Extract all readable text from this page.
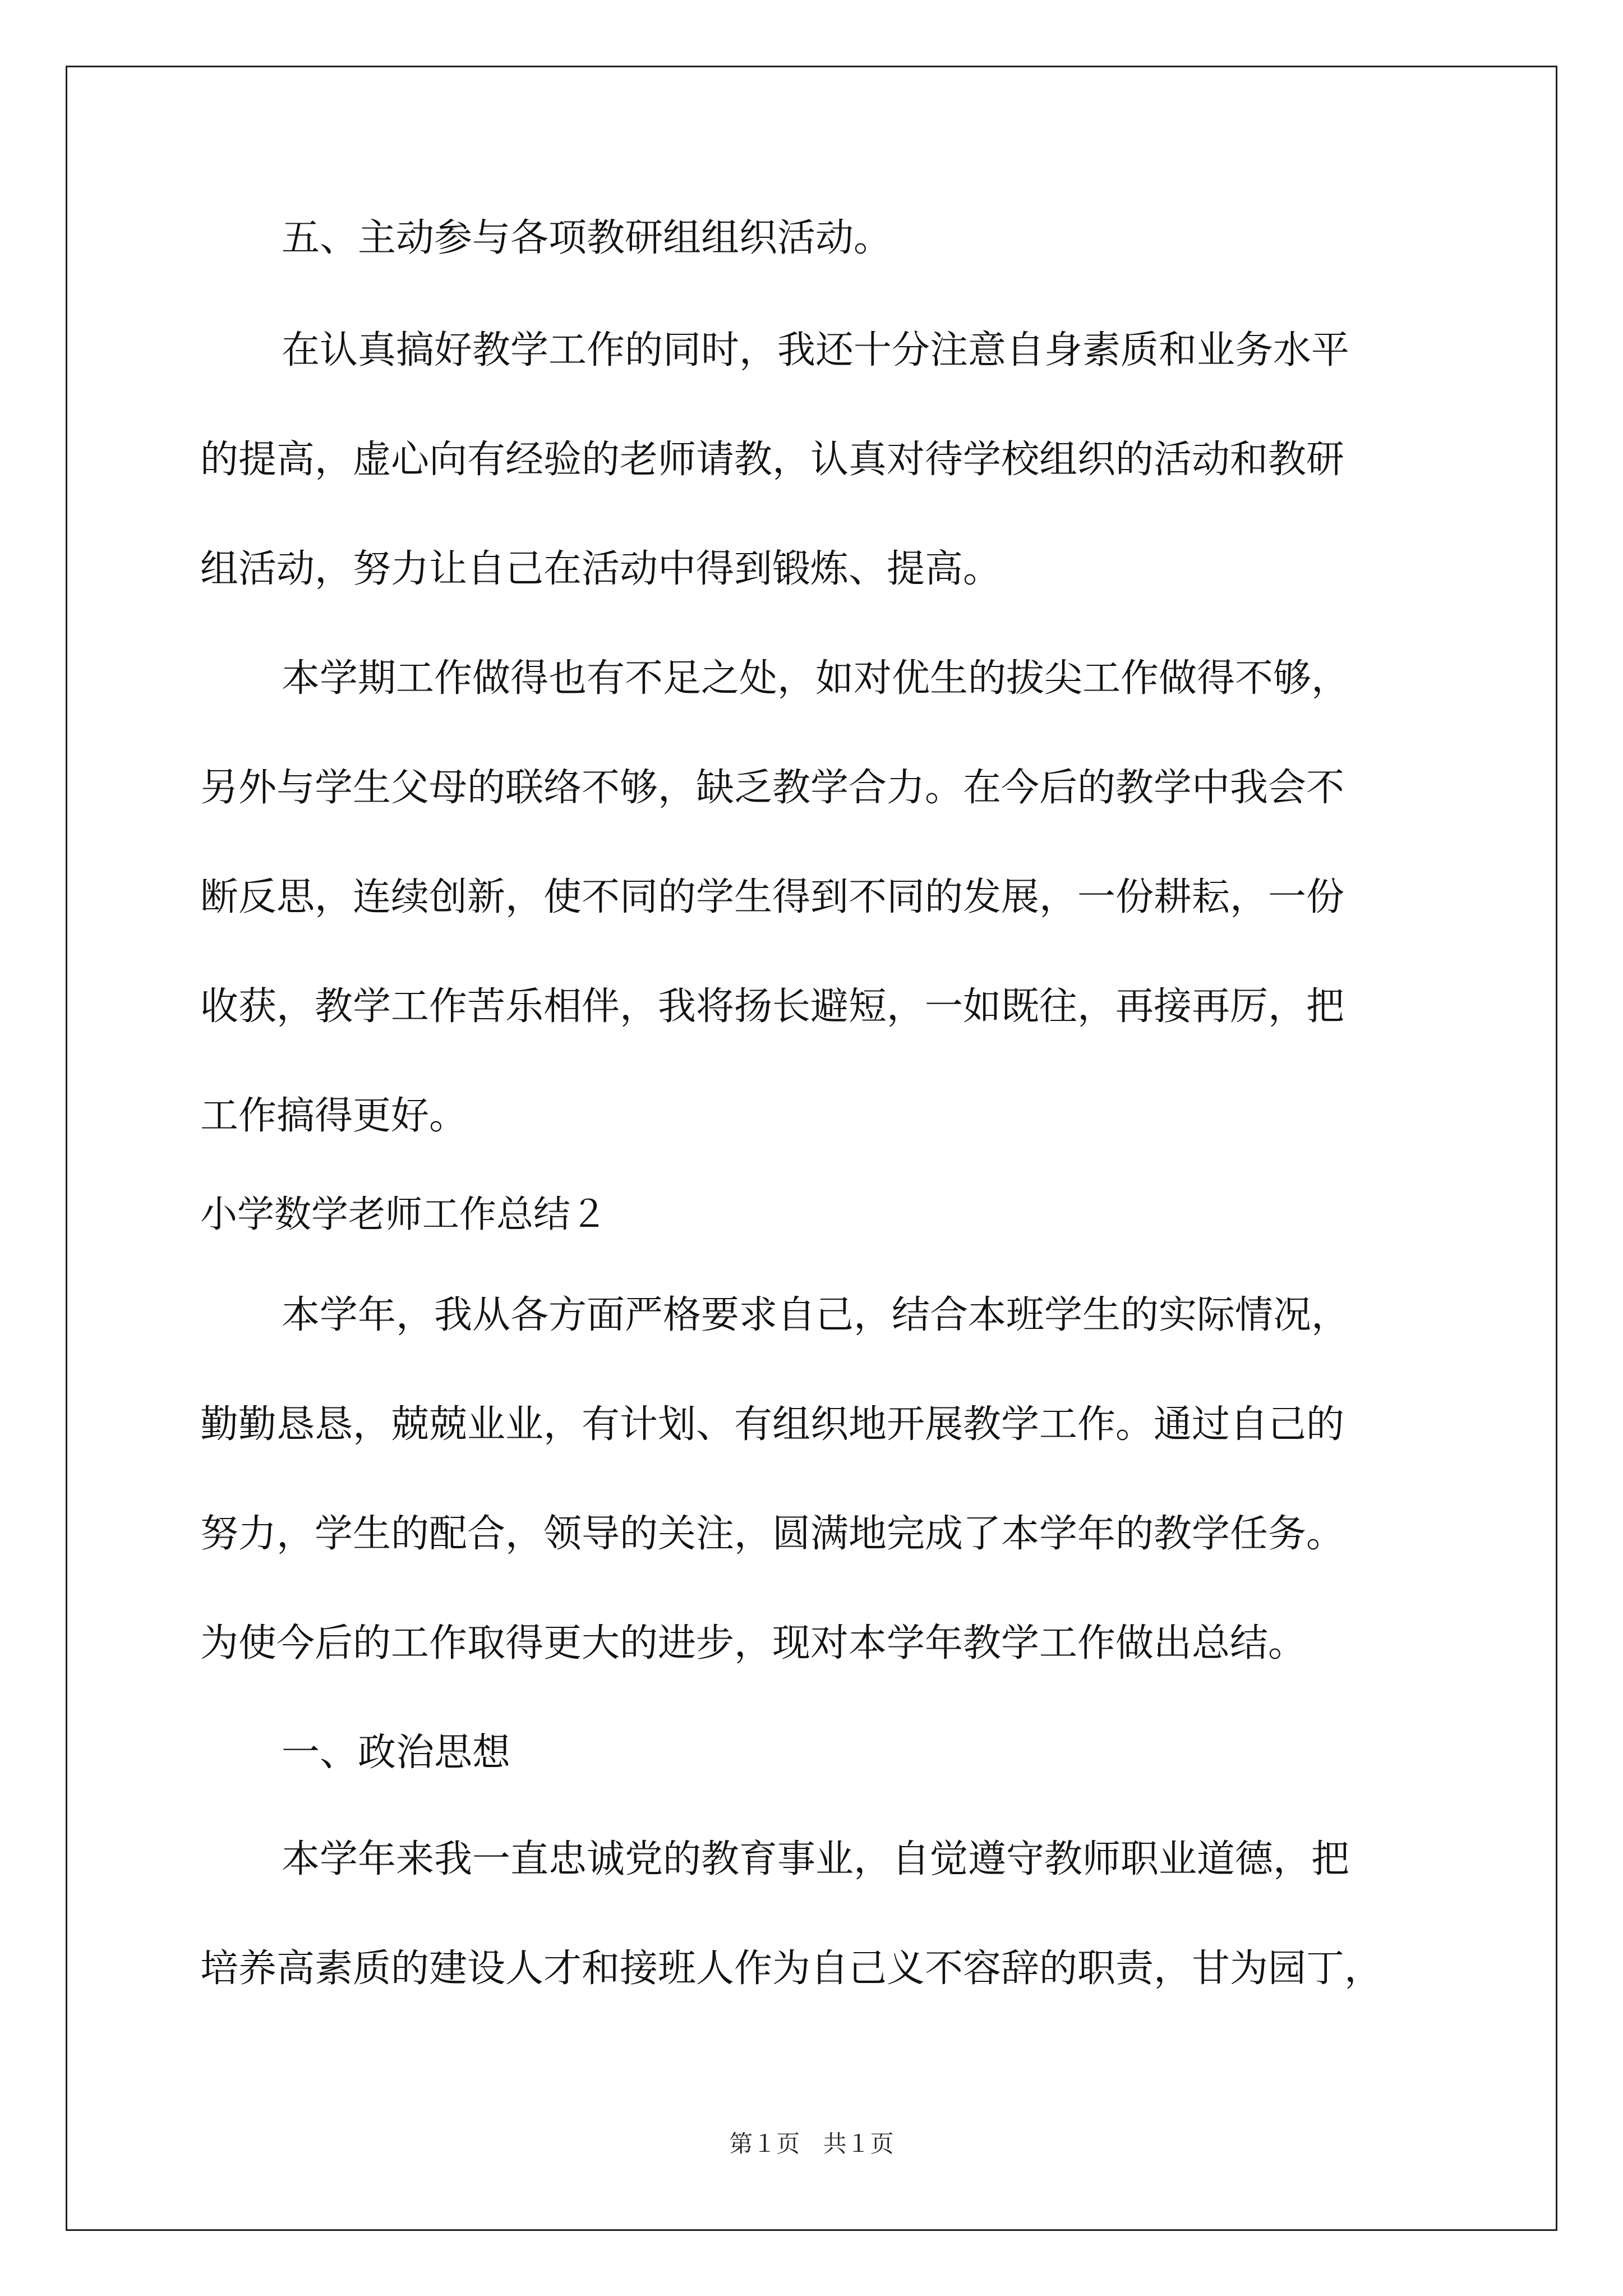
五、主动参与各项教研组组织活动。
在认真搞好教学工作的同时，我还十分注意自身素质和业务水平
的提高，虚心向有经验的老师请教，认真对待学校组织的活动和教研
组活动，努力让自己在活动中得到锻炼、提高。
本学期工作做得也有不足之处，如对优生的拔尖工作做得不够，
另外与学生父母的联络不够，缺乏教学合力。在今后的教学中我会不
断反思，连续创新，使不同的学生得到不同的发展，一份耕耘，一份
收获，教学工作苦乐相伴，我将扬长避短，一如既往，再接再厉，把
工作搞得更好。
小学数学老师工作总结２
本学年，我从各方面严格要求自己，结合本班学生的实际情况，
勤勤恳恳，兢兢业业，有计划、有组织地开展教学工作。通过自己的
努力，学生的配合，领导的关注，圆满地完成了本学年的教学任务。
为使今后的工作取得更大的进步，现对本学年教学工作做出总结。
一、政治思想
本学年来我一直忠诚党的教育事业，自觉遵守教师职业道德，把
培养高素质的建设人才和接班人作为自己义不容辞的职责，甘为园丁，
第１页 共１页
